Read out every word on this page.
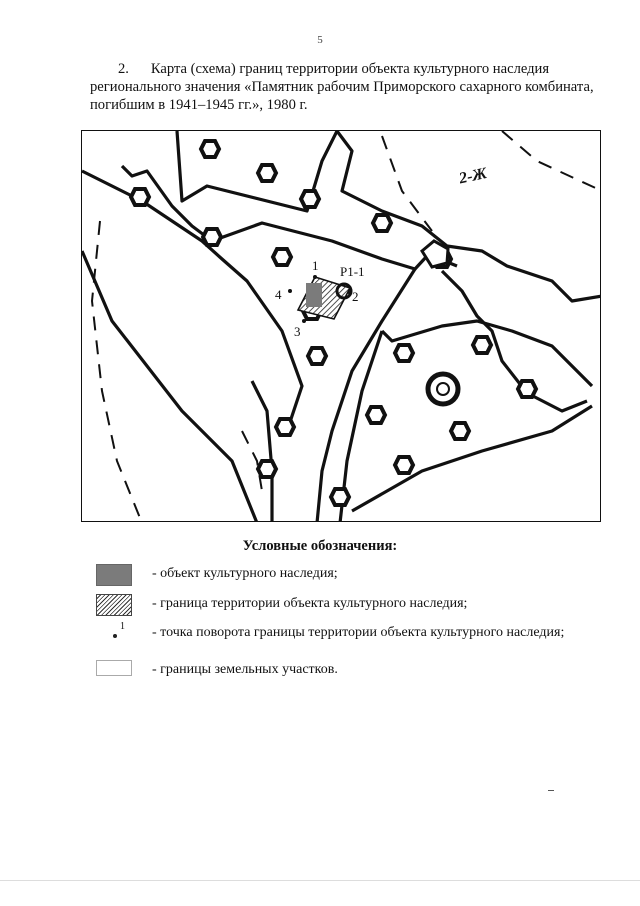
5
2. Карта (схема) границ территории объекта культурного наследия
регионального значения «Памятник рабочим Приморского сахарного комбината,
погибшим в 1941–1945 гг.», 1980 г.
1
2
3
4
Р1-1
2-Ж
Условные обозначения:
- объект культурного наследия;
- граница территории объекта культурного наследия;
1 - точка поворота границы территории объекта культурного наследия;
- границы земельных участков.
